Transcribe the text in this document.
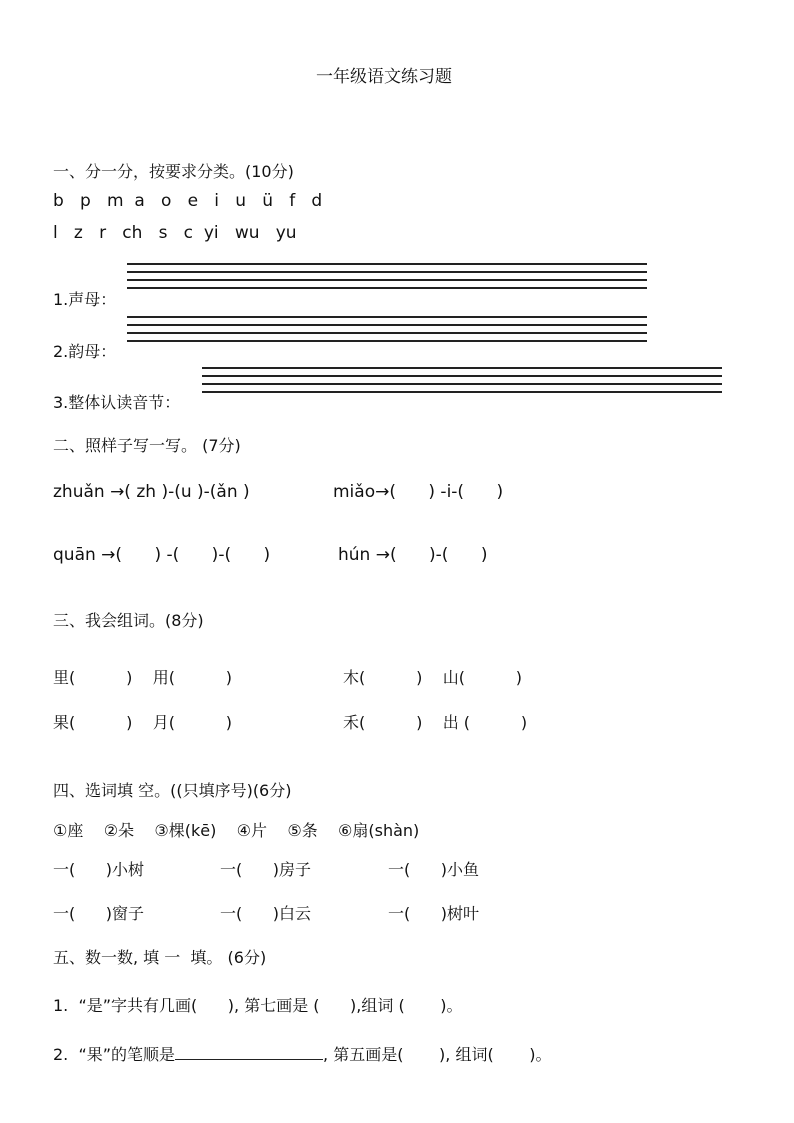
一年级语文练习题
一、分一分，按要求分类。(10分)
b   p   m  a   o   e   i   u   ü   f   d
l   z   r   ch   s   c  yi   wu   yu
1.声母：
2.韵母：
3.整体认读音节：
二、照样子写一写。 (7分)
zhuǎn →( zh )-(u )-(ǎn )	miǎo→(      ) -i-(      )
quān →(      ) -(      )-(      )	hún →(      )-(      )
三、我会组词。(8分)
里(          )    用(          )	木(          )    山(          )
果(          )    月(          )	禾(          )    出 (          )
四、选词填 空。((只填序号)(6分)
①座    ②朵    ③棵(kē)    ④片    ⑤条    ⑥扇(shàn)
一(      )小树	一(      )房子	一(      )小鱼
一(      )窗子	一(      )白云	一(      )树叶
五、数一数, 填 一  填。 (6分)
1.  “是”字共有几画(      ), 第七画是 (      ),组词 (       )。
2.  “果”的笔顺是	, 第五画是(       ), 组词(       )。
